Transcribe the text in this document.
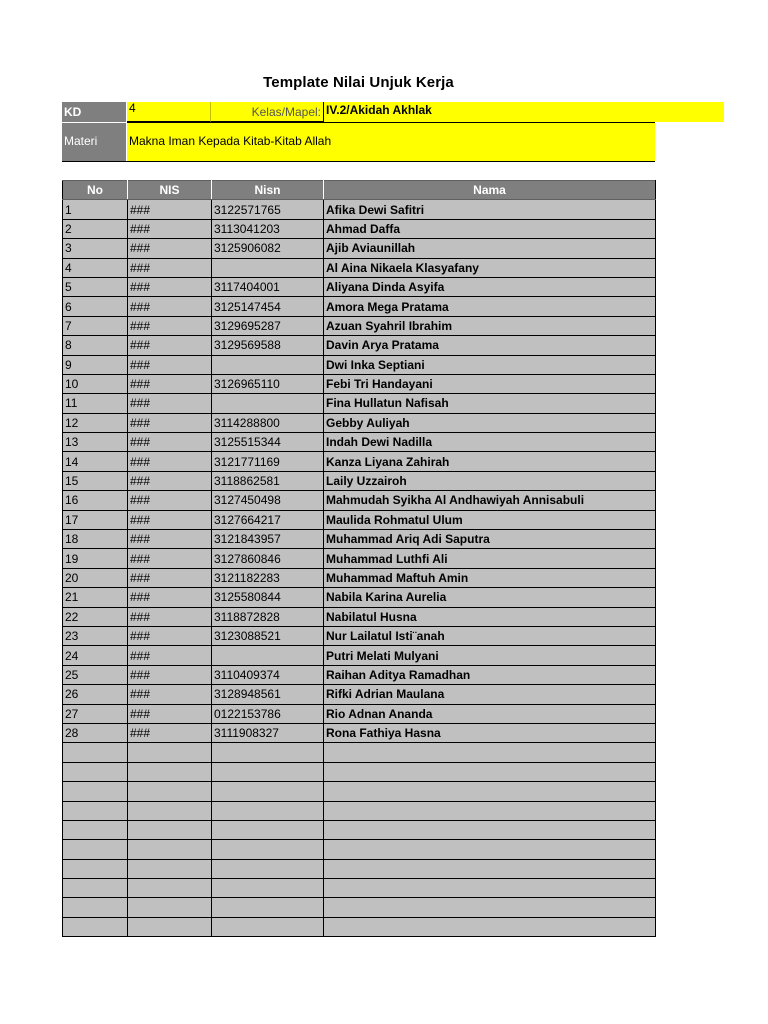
Template Nilai Unjuk Kerja
KD	4	Kelas/Mapel: IV.2/Akidah Akhlak
Materi	Makna Iman Kepada Kitab-Kitab Allah
No	NIS	Nisn	Nama
1	###	3122571765	Afika Dewi Safitri
2	###	3113041203	Ahmad Daffa
3	###	3125906082	Ajib Aviaunillah
4	###		Al Aina Nikaela Klasyafany
5	###	3117404001	Aliyana Dinda Asyifa
6	###	3125147454	Amora Mega Pratama
7	###	3129695287	Azuan Syahril Ibrahim
8	###	3129569588	Davin Arya Pratama
9	###		Dwi Inka Septiani
10	###	3126965110	Febi Tri Handayani
11	###		Fina Hullatun Nafisah
12	###	3114288800	Gebby Auliyah
13	###	3125515344	Indah Dewi Nadilla
14	###	3121771169	Kanza Liyana Zahirah
15	###	3118862581	Laily Uzzairoh
16	###	3127450498	Mahmudah Syikha Al Andhawiyah Annisabuli
17	###	3127664217	Maulida Rohmatul Ulum
18	###	3121843957	Muhammad Ariq Adi Saputra
19	###	3127860846	Muhammad Luthfi Ali
20	###	3121182283	Muhammad Maftuh Amin
21	###	3125580844	Nabila Karina Aurelia
22	###	3118872828	Nabilatul Husna
23	###	3123088521	Nur Lailatul Isti¨anah
24	###		Putri Melati Mulyani
25	###	3110409374	Raihan Aditya Ramadhan
26	###	3128948561	Rifki Adrian Maulana
27	###	0122153786	Rio Adnan Ananda
28	###	3111908327	Rona Fathiya Hasna
